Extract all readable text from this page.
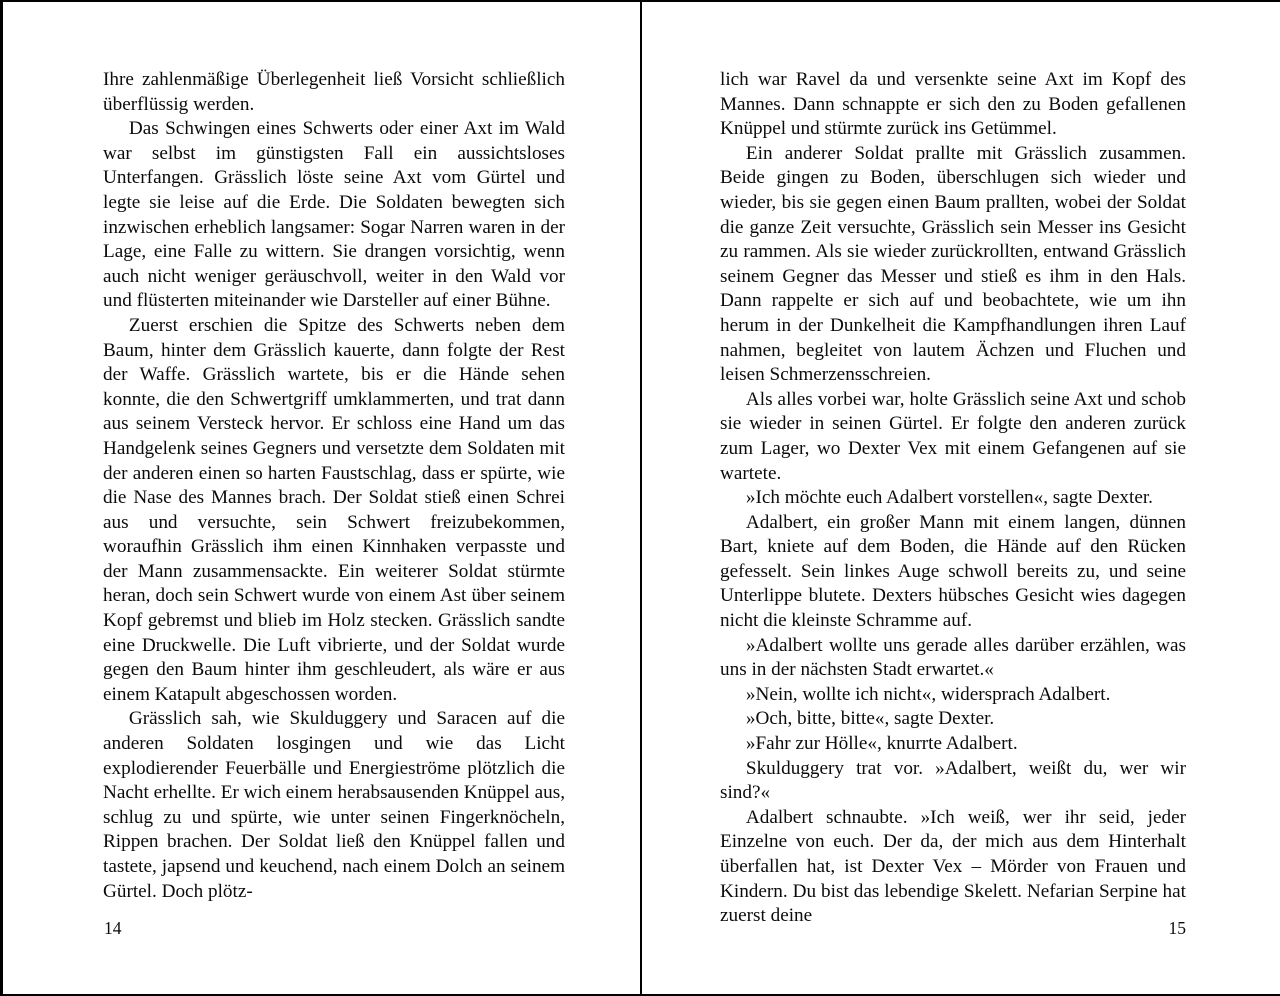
Ihre zahlenmäßige Überlegenheit ließ Vorsicht schließlich überflüssig werden.

Das Schwingen eines Schwerts oder einer Axt im Wald war selbst im günstigsten Fall ein aussichtsloses Unterfangen. Grässlich löste seine Axt vom Gürtel und legte sie leise auf die Erde. Die Soldaten bewegten sich inzwischen erheblich langsamer: Sogar Narren waren in der Lage, eine Falle zu wittern. Sie drangen vorsichtig, wenn auch nicht weniger geräuschvoll, weiter in den Wald vor und flüsterten miteinander wie Darsteller auf einer Bühne.

Zuerst erschien die Spitze des Schwerts neben dem Baum, hinter dem Grässlich kauerte, dann folgte der Rest der Waffe. Grässlich wartete, bis er die Hände sehen konnte, die den Schwertgriff umklammerten, und trat dann aus seinem Versteck hervor. Er schloss eine Hand um das Handgelenk seines Gegners und versetzte dem Soldaten mit der anderen einen so harten Faustschlag, dass er spürte, wie die Nase des Mannes brach. Der Soldat stieß einen Schrei aus und versuchte, sein Schwert freizubekommen, woraufhin Grässlich ihm einen Kinnhaken verpasste und der Mann zusammensackte. Ein weiterer Soldat stürmte heran, doch sein Schwert wurde von einem Ast über seinem Kopf gebremst und blieb im Holz stecken. Grässlich sandte eine Druckwelle. Die Luft vibrierte, und der Soldat wurde gegen den Baum hinter ihm geschleudert, als wäre er aus einem Katapult abgeschossen worden.

Grässlich sah, wie Skulduggery und Saracen auf die anderen Soldaten losgingen und wie das Licht explodierender Feuerbälle und Energieströme plötzlich die Nacht erhellte. Er wich einem herabsausenden Knüppel aus, schlug zu und spürte, wie unter seinen Fingerknöcheln, Rippen brachen. Der Soldat ließ den Knüppel fallen und tastete, japsend und keuchend, nach einem Dolch an seinem Gürtel. Doch plötz-

14

lich war Ravel da und versenkte seine Axt im Kopf des Mannes. Dann schnappte er sich den zu Boden gefallenen Knüppel und stürmte zurück ins Getümmel.

Ein anderer Soldat prallte mit Grässlich zusammen. Beide gingen zu Boden, überschlugen sich wieder und wieder, bis sie gegen einen Baum prallten, wobei der Soldat die ganze Zeit versuchte, Grässlich sein Messer ins Gesicht zu rammen. Als sie wieder zurückrollten, entwand Grässlich seinem Gegner das Messer und stieß es ihm in den Hals. Dann rappelte er sich auf und beobachtete, wie um ihn herum in der Dunkelheit die Kampfhandlungen ihren Lauf nahmen, begleitet von lautem Ächzen und Fluchen und leisen Schmerzensschreien.

Als alles vorbei war, holte Grässlich seine Axt und schob sie wieder in seinen Gürtel. Er folgte den anderen zurück zum Lager, wo Dexter Vex mit einem Gefangenen auf sie wartete.

»Ich möchte euch Adalbert vorstellen«, sagte Dexter.

Adalbert, ein großer Mann mit einem langen, dünnen Bart, kniete auf dem Boden, die Hände auf den Rücken gefesselt. Sein linkes Auge schwoll bereits zu, und seine Unterlippe blutete. Dexters hübsches Gesicht wies dagegen nicht die kleinste Schramme auf.

»Adalbert wollte uns gerade alles darüber erzählen, was uns in der nächsten Stadt erwartet.«

»Nein, wollte ich nicht«, widersprach Adalbert.

»Och, bitte, bitte«, sagte Dexter.

»Fahr zur Hölle«, knurrte Adalbert.

Skulduggery trat vor. »Adalbert, weißt du, wer wir sind?«

Adalbert schnaubte. »Ich weiß, wer ihr seid, jeder Einzelne von euch. Der da, der mich aus dem Hinterhalt überfallen hat, ist Dexter Vex – Mörder von Frauen und Kindern. Du bist das lebendige Skelett. Nefarian Serpine hat zuerst deine

15
